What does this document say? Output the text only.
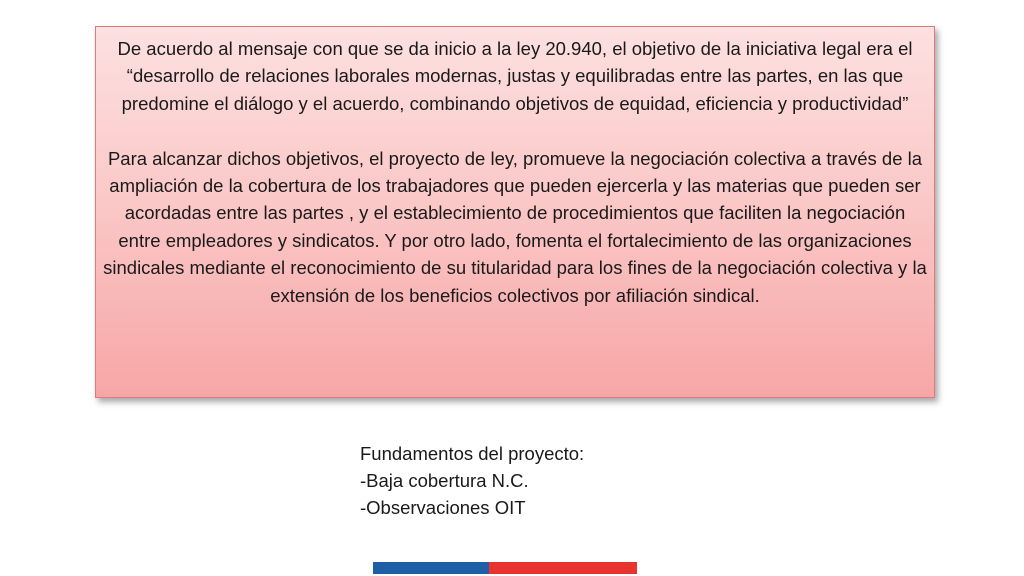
De acuerdo al mensaje con que se da inicio a la ley 20.940, el objetivo de la iniciativa legal era el “desarrollo de relaciones laborales modernas, justas y equilibradas entre las partes, en las que predomine el diálogo y el acuerdo, combinando objetivos de equidad, eficiencia y productividad”

Para alcanzar dichos objetivos, el proyecto de ley, promueve la negociación colectiva a través de la ampliación de la cobertura de los trabajadores que pueden ejercerla y las materias que pueden ser acordadas entre las partes , y el establecimiento de procedimientos que faciliten la negociación entre empleadores y sindicatos. Y por otro lado, fomenta el fortalecimiento de las organizaciones sindicales mediante el reconocimiento de su titularidad para los fines de la negociación colectiva y la extensión de los beneficios colectivos por afiliación sindical.

Fundamentos del proyecto:
-Baja cobertura N.C.
-Observaciones OIT
